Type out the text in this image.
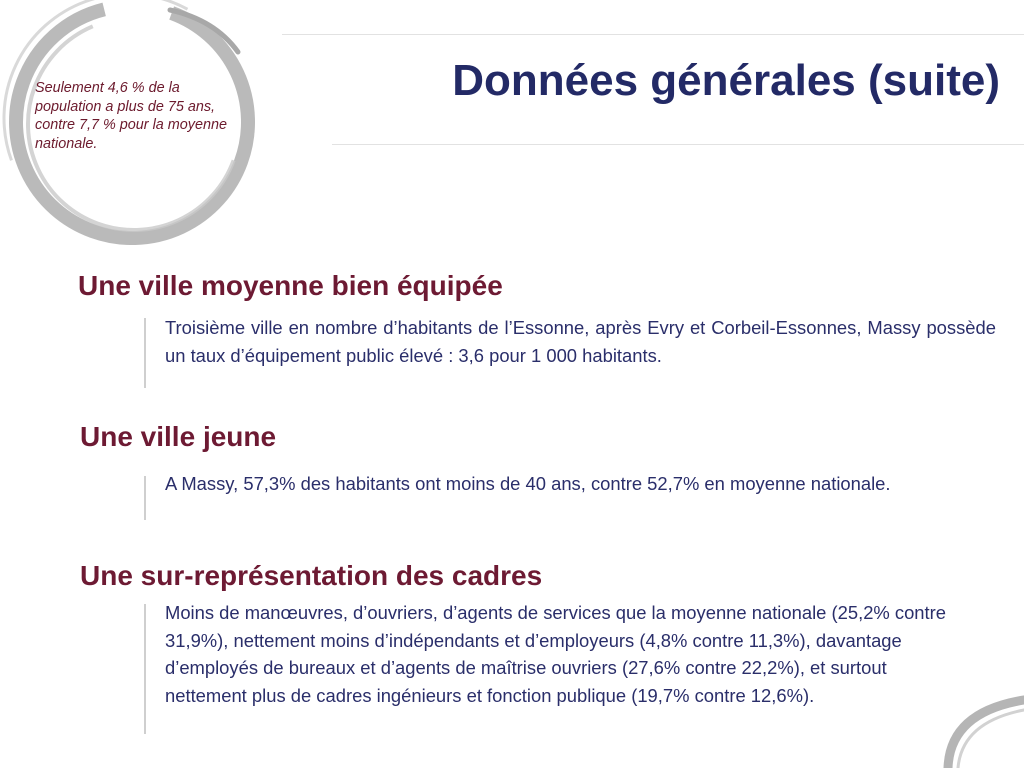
Seulement 4,6 % de la population a plus de 75 ans, contre 7,7 % pour la moyenne nationale.

Données générales (suite)
Une ville moyenne bien équipée

Troisième ville en nombre d’habitants de l’Essonne, après Evry et Corbeil-Essonnes, Massy possède un taux d’équipement public élevé : 3,6 pour 1 000 habitants.

Une ville jeune

A Massy, 57,3% des habitants ont moins de 40 ans, contre 52,7% en moyenne nationale.

Une sur-représentation des cadres

Moins de manœuvres, d’ouvriers, d’agents de services que la moyenne nationale (25,2% contre 31,9%), nettement moins d’indépendants et d’employeurs (4,8% contre 11,3%), davantage d’employés de bureaux et d’agents de maîtrise ouvriers (27,6% contre 22,2%), et surtout nettement plus de cadres ingénieurs et fonction publique (19,7% contre 12,6%).
